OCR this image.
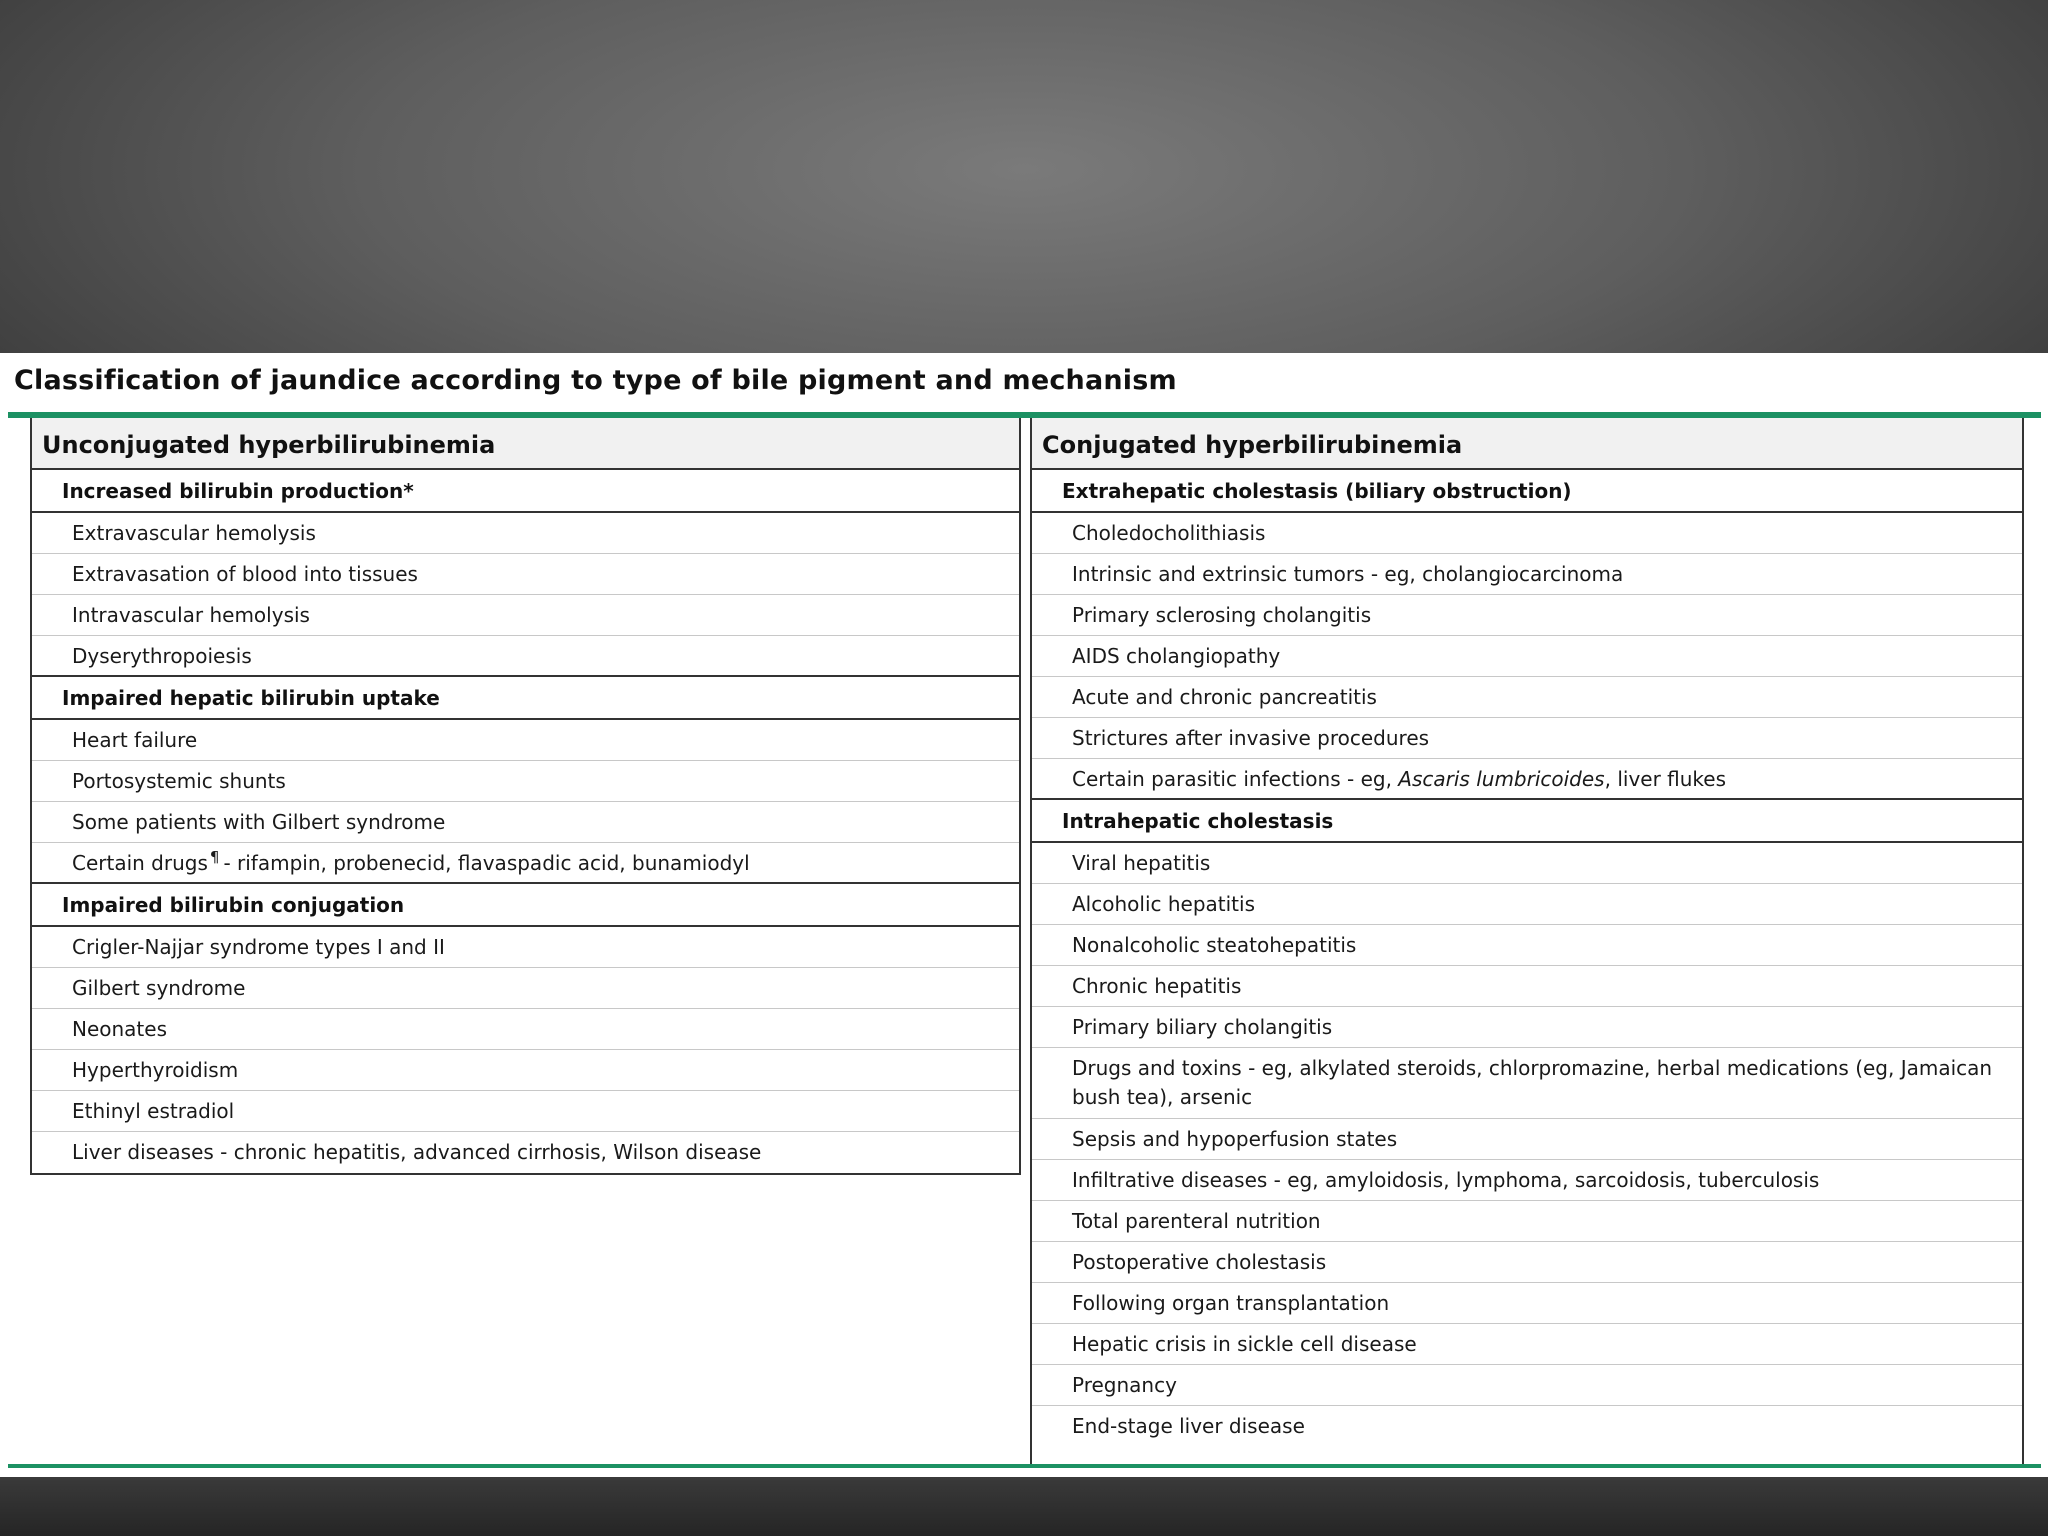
Classification of jaundice according to type of bile pigment and mechanism
Unconjugated hyperbilirubinemia
Increased bilirubin production*
Extravascular hemolysis
Extravasation of blood into tissues
Intravascular hemolysis
Dyserythropoiesis
Impaired hepatic bilirubin uptake
Heart failure
Portosystemic shunts
Some patients with Gilbert syndrome
Certain drugs ¶ - rifampin, probenecid, flavaspadic acid, bunamiodyl
Impaired bilirubin conjugation
Crigler-Najjar syndrome types I and II
Gilbert syndrome
Neonates
Hyperthyroidism
Ethinyl estradiol
Liver diseases - chronic hepatitis, advanced cirrhosis, Wilson disease
Conjugated hyperbilirubinemia
Extrahepatic cholestasis (biliary obstruction)
Choledocholithiasis
Intrinsic and extrinsic tumors - eg, cholangiocarcinoma
Primary sclerosing cholangitis
AIDS cholangiopathy
Acute and chronic pancreatitis
Strictures after invasive procedures
Certain parasitic infections - eg, Ascaris lumbricoides, liver flukes
Intrahepatic cholestasis
Viral hepatitis
Alcoholic hepatitis
Nonalcoholic steatohepatitis
Chronic hepatitis
Primary biliary cholangitis
Drugs and toxins - eg, alkylated steroids, chlorpromazine, herbal medications (eg, Jamaican bush tea), arsenic
Sepsis and hypoperfusion states
Infiltrative diseases - eg, amyloidosis, lymphoma, sarcoidosis, tuberculosis
Total parenteral nutrition
Postoperative cholestasis
Following organ transplantation
Hepatic crisis in sickle cell disease
Pregnancy
End-stage liver disease
